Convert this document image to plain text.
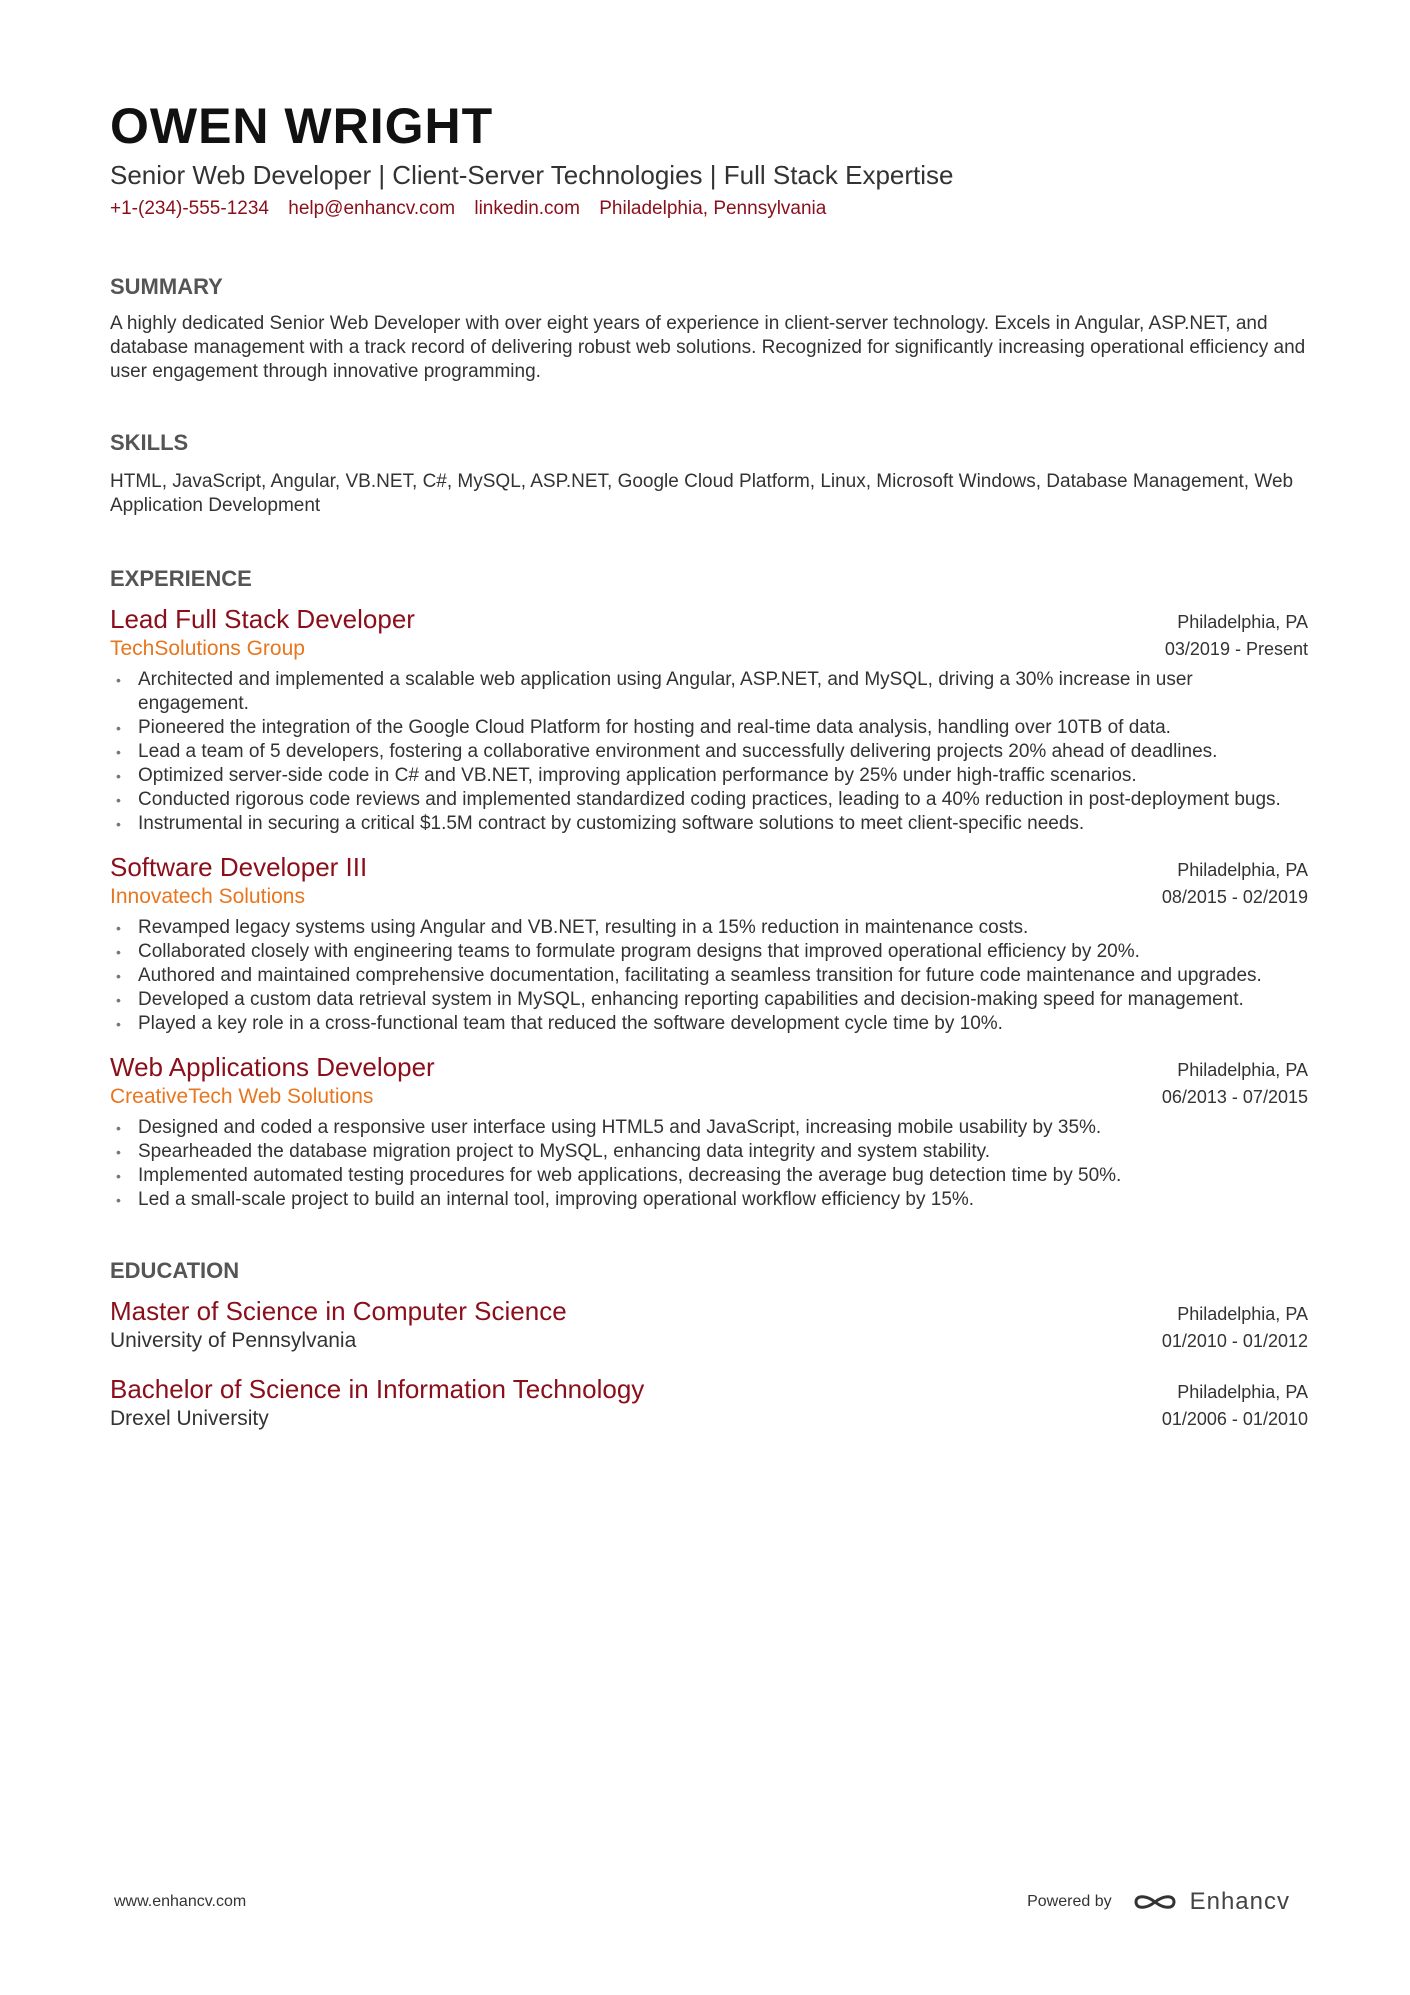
OWEN WRIGHT
Senior Web Developer | Client-Server Technologies | Full Stack Expertise
+1-(234)-555-1234 help@enhancv.com linkedin.com Philadelphia, Pennsylvania
SUMMARY
A highly dedicated Senior Web Developer with over eight years of experience in client-server technology. Excels in Angular, ASP.NET, and database management with a track record of delivering robust web solutions. Recognized for significantly increasing operational efficiency and user engagement through innovative programming.
SKILLS
HTML, JavaScript, Angular, VB.NET, C#, MySQL, ASP.NET, Google Cloud Platform, Linux, Microsoft Windows, Database Management, Web Application Development
EXPERIENCE
Lead Full Stack Developer	Philadelphia, PA
TechSolutions Group	03/2019 - Present
• Architected and implemented a scalable web application using Angular, ASP.NET, and MySQL, driving a 30% increase in user engagement.
• Pioneered the integration of the Google Cloud Platform for hosting and real-time data analysis, handling over 10TB of data.
• Lead a team of 5 developers, fostering a collaborative environment and successfully delivering projects 20% ahead of deadlines.
• Optimized server-side code in C# and VB.NET, improving application performance by 25% under high-traffic scenarios.
• Conducted rigorous code reviews and implemented standardized coding practices, leading to a 40% reduction in post-deployment bugs.
• Instrumental in securing a critical $1.5M contract by customizing software solutions to meet client-specific needs.
Software Developer III	Philadelphia, PA
Innovatech Solutions	08/2015 - 02/2019
• Revamped legacy systems using Angular and VB.NET, resulting in a 15% reduction in maintenance costs.
• Collaborated closely with engineering teams to formulate program designs that improved operational efficiency by 20%.
• Authored and maintained comprehensive documentation, facilitating a seamless transition for future code maintenance and upgrades.
• Developed a custom data retrieval system in MySQL, enhancing reporting capabilities and decision-making speed for management.
• Played a key role in a cross-functional team that reduced the software development cycle time by 10%.
Web Applications Developer	Philadelphia, PA
CreativeTech Web Solutions	06/2013 - 07/2015
• Designed and coded a responsive user interface using HTML5 and JavaScript, increasing mobile usability by 35%.
• Spearheaded the database migration project to MySQL, enhancing data integrity and system stability.
• Implemented automated testing procedures for web applications, decreasing the average bug detection time by 50%.
• Led a small-scale project to build an internal tool, improving operational workflow efficiency by 15%.
EDUCATION
Master of Science in Computer Science	Philadelphia, PA
University of Pennsylvania	01/2010 - 01/2012
Bachelor of Science in Information Technology	Philadelphia, PA
Drexel University	01/2006 - 01/2010
www.enhancv.com	Powered by	Enhancv
